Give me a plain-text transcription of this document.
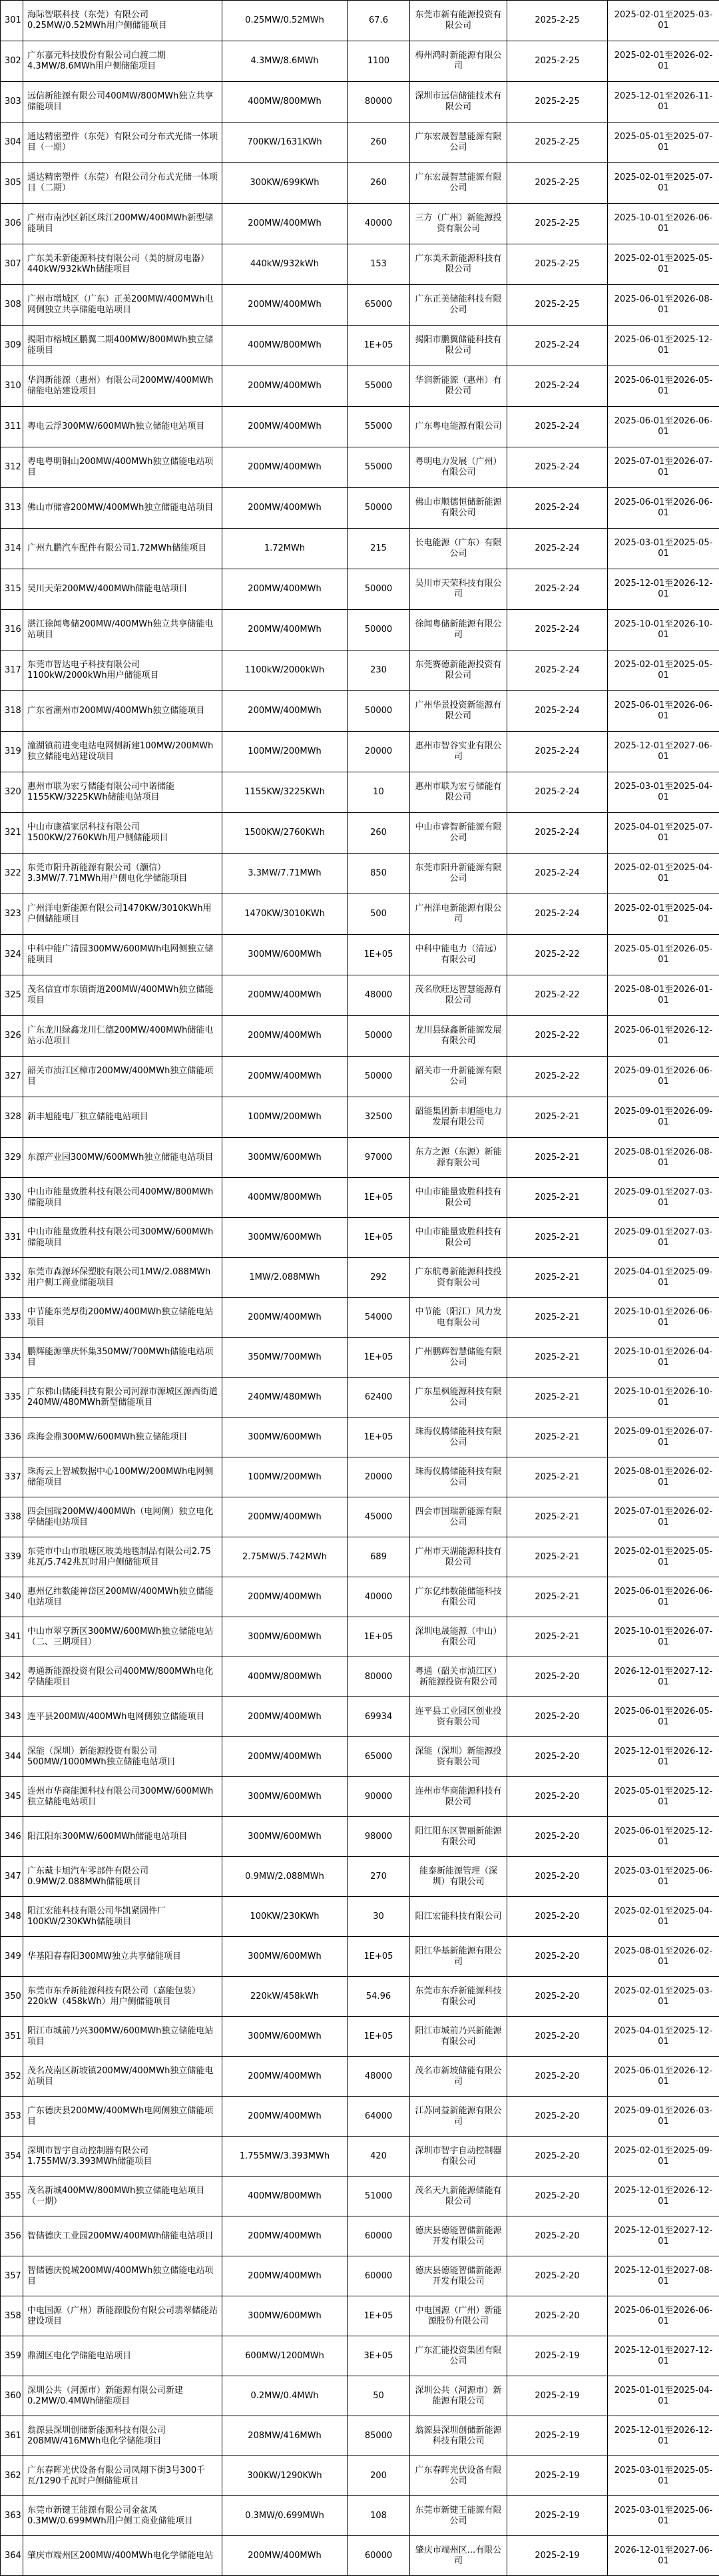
301	海际智联科技（东莞）有限公司0.25MW/0.52MWh用户侧储能项目	0.25MW/0.52MWh	67.6	东莞市新有能源投资有限公司	2025-2-25	2025-02-01至2025-03-01
302	广东嘉元科技股份有限公司白渡二期4.3MW/8.6MWh用户侧储能项目	4.3MW/8.6MWh	1100	梅州鸿时新能源有限公司	2025-2-25	2025-02-01至2026-02-01
303	远信新能源有限公司400MW/800MWh独立共享储能项目	400MW/800MWh	80000	深圳市远信储能技术有限公司	2025-2-25	2025-12-01至2026-11-01
304	通达精密塑件（东莞）有限公司分布式光储一体项目（一期）	700KW/1631KWh	260	广东宏晟智慧能源有限公司	2025-2-25	2025-05-01至2025-07-01
305	通达精密塑件（东莞）有限公司分布式光储一体项目（二期）	300KW/699KWh	260	广东宏晟智慧能源有限公司	2025-2-25	2025-02-01至2025-07-01
306	广州市南沙区新区珠江200MW/400MWh新型储能项目	200MW/400MWh	40000	三方（广州）新能源投资有限公司	2025-2-25	2025-10-01至2026-06-01
307	广东美禾新能源科技有限公司（美的厨房电器）440kW/932kWh储能项目	440kW/932kWh	153	广东美禾新能源科技有限公司	2025-2-25	2025-02-01至2025-05-01
308	广州市增城区（广东）正美200MW/400MWh电网侧独立共享储能电站项目	200MW/400MWh	65000	广东正美储能科技有限公司	2025-2-25	2025-06-01至2026-08-01
309	揭阳市榕城区鹏翼二期400MW/800MWh独立储能项目	400MW/800MWh	1E+05	揭阳市鹏翼储能科技有限公司	2025-2-24	2025-06-01至2025-12-01
310	华润新能源（惠州）有限公司200MW/400MWh储能电站建设项目	200MW/400MWh	55000	华润新能源（惠州）有限公司	2025-2-24	2025-06-01至2026-05-01
311	粤电云浮300MW/600MWh独立储能电站项目	200MW/400MWh	55000	广东粤电能源有限公司	2025-2-24	2025-06-01至2026-06-01
312	粤电粤明铜山200MW/400MWh独立储能电站项目	200MW/400MWh	55000	粤明电力发展（广州）有限公司	2025-2-24	2025-07-01至2026-07-01
313	佛山市储睿200MW/400MWh独立储能电站项目	200MW/400MWh	50000	佛山市顺德恒储新能源有限公司	2025-2-24	2025-06-01至2026-06-01
314	广州九鹏汽车配件有限公司1.72MWh储能项目	1.72MWh	215	长电能源（广东）有限公司	2025-2-24	2025-03-01至2025-05-01
315	吴川天荣200MW/400MWh储能电站项目	200MW/400MWh	50000	吴川市天荣科技有限公司	2025-2-24	2025-12-01至2026-12-01
316	湛江徐闻粤储200MW/400MWh独立共享储能电站项目	200MW/400MWh	50000	徐闻粤储新能源有限公司	2025-2-24	2025-10-01至2026-10-01
317	东莞市智达电子科技有限公司1100kW/2000kWh用户储能项目	1100kW/2000kWh	230	东莞赛德新能源投资有限公司	2025-2-24	2025-02-01至2025-05-01
318	广东省潮州市200MW/400MWh独立储能项目	200MW/400MWh	50000	广州华景投资新能源有限公司	2025-2-24	2025-06-01至2026-06-01
319	潼湖镇前进变电站电网侧新建100MW/200MWh独立储能电站建设项目	100MW/200MWh	20000	惠州市智谷实业有限公司	2025-2-24	2025-12-01至2027-06-01
320	惠州市联为宏亏储能有限公司中诺储能1155KW/3225KWh储能电站项目	1155KW/3225KWh	10	惠州市联为宏亏储能有限公司	2025-2-24	2025-03-01至2025-04-01
321	中山市康禧家居科技有限公司1500KW/2760KWh用户侧储能项目	1500KW/2760KWh	260	中山市睿智新能源有限公司	2025-2-24	2025-04-01至2025-07-01
322	东莞市阳升新能源有限公司（灏信）3.3MW/7.71MWh用户侧电化学储能项目	3.3MW/7.71MWh	850	东莞市阳升新能源有限公司	2025-2-24	2025-02-01至2025-04-01
323	广州洋电新能源有限公司1470KW/3010KWh用户侧储能项目	1470KW/3010KWh	500	广州洋电新能源有限公司	2025-2-24	2025-02-01至2025-04-01
324	中科中能广清园300MW/600MWh电网侧独立储能项目	300MW/600MWh	1E+05	中科中能电力（清远）有限公司	2025-2-22	2025-05-01至2026-05-01
325	茂名信宜市东镇街道200MW/400MWh独立储能项目	200MW/400MWh	48000	茂名欣旺达智慧能源有限公司	2025-2-22	2025-08-01至2026-01-01
326	广东龙川绿鑫龙川仁德200MW/400MWh储能电站示范项目	200MW/400MWh	50000	龙川县绿鑫新能源发展有限公司	2025-2-22	2025-06-01至2026-12-01
327	韶关市浈江区樟市200MW/400MWh独立储能项目	200MW/400MWh	50000	韶关市一升新能源有限公司	2025-2-22	2025-09-01至2026-06-01
328	新丰旭能电厂独立储能电站项目	100MW/200MWh	32500	韶能集团新丰旭能电力发展有限公司	2025-2-21	2025-09-01至2026-09-01
329	东源产业园300MW/600MWh独立储能电站项目	300MW/600MWh	97000	东方之源（东源）新能源有限公司	2025-2-21	2025-08-01至2026-08-01
330	中山市能量致胜科技有限公司400MW/800MWh储能项目	400MW/800MWh	1E+05	中山市能量致胜科技有限公司	2025-2-21	2025-09-01至2027-03-01
331	中山市能量致胜科技有限公司300MW/600MWh储能项目	300MW/600MWh	1E+05	中山市能量致胜科技有限公司	2025-2-21	2025-09-01至2027-03-01
332	东莞市森源环保塑胶有限公司1MW/2.088MWh用户侧工商业储能项目	1MW/2.088MWh	292	广东航粤新能源科技投资有限公司	2025-2-21	2025-04-01至2025-09-01
333	中节能东莞厚街200MW/400MWh独立储能电站项目	200MW/400MWh	54000	中节能（阳江）风力发电有限公司	2025-2-21	2025-10-01至2026-06-01
334	鹏辉能源肇庆怀集350MW/700MWh储能电站项目	350MW/700MWh	1E+05	广州鹏辉智慧储能有限公司	2025-2-21	2025-10-01至2026-04-01
335	广东佛山储能科技有限公司河源市源城区源西街道240MW/480MWh新型储能项目	240MW/480MWh	62400	广东星枫能源科技有限公司	2025-2-21	2025-10-01至2026-10-01
336	珠海金鼎300MW/600MWh独立储能项目	300MW/600MWh	1E+05	珠海仪腾储能科技有限公司	2025-2-21	2025-09-01至2026-07-01
337	珠海云上智城数据中心100MW/200MWh电网侧储能项目	100MW/200MWh	20000	珠海仪腾储能科技有限公司	2025-2-21	2025-08-01至2026-02-01
338	四会国瑞200MW/400MWh（电网侧）独立电化学储能电站项目	200MW/400MWh	45000	四会市国瑞新能源有限公司	2025-2-21	2025-07-01至2026-02-01
339	东莞市中山市琅塘区玻美地毯制品有限公司2.75兆瓦/5.742兆瓦时用户侧储能项目	2.75MW/5.742MWh	689	广州市天湖能源科技有限公司	2025-2-21	2025-02-01至2025-05-01
340	惠州亿纬数能神岱区200MW/400MWh独立储能电站项目	200MW/400MWh	40000	广东亿纬数能储能科技有限公司	2025-2-21	2025-06-01至2026-06-01
341	中山市翠亨新区300MW/600MWh独立储能电站（二、三期项目）	300MW/600MWh	1E+05	深圳电晟能源（中山）有限公司	2025-2-21	2025-10-01至2026-07-01
342	粤通新能源投资有限公司400MW/800MWh电化学储能项目	400MW/800MWh	80000	粤通（韶关市浈江区）新能源投资有限公司	2025-2-20	2026-12-01至2027-12-01
343	连平县200MW/400MWh电网侧独立储能项目	200MW/400MWh	69934	连平县工业园区创业投资有限公司	2025-2-20	2025-06-01至2026-05-01
344	深能（深圳）新能源投资有限公司500MW/1000MWh独立储能电站项目	200MW/400MWh	65000	深能（深圳）新能源投资有限公司	2025-2-20	2025-12-01至2026-12-01
345	连州市华商能源科技有限公司300MW/600MWh独立储能电站项目	300MW/600MWh	90000	连州市华商能源科技有限公司	2025-2-20	2025-05-01至2025-12-01
346	阳江阳东300MW/600MWh储能电站项目	300MW/600MWh	98000	阳江阳东区智丽新能源有限公司	2025-2-20	2025-06-01至2025-12-01
347	广东戴卡旭汽车零部件有限公司0.9MW/2.088MWh储能项目	0.9MW/2.088MWh	270	能泰新能源管理（深圳）有限公司	2025-2-20	2025-03-01至2025-06-01
348	阳江宏能科技有限公司华凯紧固件厂100KW/230KWh储能项目	100KW/230KWh	30	阳江宏能科技有限公司	2025-2-20	2025-02-01至2025-04-01
349	华基阳春春阳300MW独立共享储能项目	300MW/600MWh	1E+05	阳江华基新能源有限公司	2025-2-20	2025-08-01至2026-02-01
350	东莞市东乔新能源科技有限公司（嘉能包装）220kW（458kWh）用户侧储能项目	220kW/458kWh	54.96	东莞市东乔新能源科技有限公司	2025-2-20	2025-02-01至2025-03-01
351	阳江市城前乃兴300MW/600MWh独立储能电站项目	300MW/600MWh	1E+05	阳江市城前乃兴新能源有限公司	2025-2-20	2025-04-01至2025-12-01
352	茂名茂南区新坡镇200MW/400MWh独立储能电站项目	200MW/400MWh	48000	茂名市新坡储能有限公司	2025-2-20	2025-06-01至2026-12-01
353	广东德庆县200MW/400MWh电网侧独立储能项目	200MW/400MWh	64000	江苏同益新能源有限公司	2025-2-20	2025-09-01至2026-03-01
354	深圳市智宇自动控制器有限公司1.755MW/3.393MWh储能项目	1.755MW/3.393MWh	420	深圳市智宇自动控制器有限公司	2025-2-20	2025-02-01至2025-09-01
355	茂名新城400MW/800MWh独立储能电站项目（一期）	400MW/800MWh	51000	茂名天九新能源储能有限公司	2025-2-20	2025-12-01至2026-12-01
356	智储德庆工业园200MW/400MWh储能电站项目	200MW/400MWh	60000	德庆县德能智储新能源开发有限公司	2025-2-20	2025-12-01至2027-12-01
357	智储德庆悦城200MW/400MWh独立储能电站项目	200MW/400MWh	60000	德庆县德能智储新能源开发有限公司	2025-2-20	2025-12-01至2027-08-01
358	中电国源（广州）新能源股份有限公司翡翠储能站建设项目	300MW/600MWh	1E+05	中电国源（广州）新能源股份有限公司	2025-2-20	2025-06-01至2026-06-01
359	鼎湖区电化学储能电站项目	600MW/1200MWh	3E+05	广东汇能投资集团有限公司	2025-2-19	2025-12-01至2027-12-01
360	深圳公共（河源市）新能源有限公司新建0.2MW/0.4MWh储能项目	0.2MW/0.4MWh	50	深圳公共（河源市）新能源有限公司	2025-2-19	2025-01-01至2025-04-01
361	翁源县深圳创储新能源科技有限公司208MW/416MWh电化学储能项目	208MW/416MWh	85000	翁源县深圳创储新能源科技有限公司	2025-2-19	2025-12-01至2026-12-01
362	广东春晖光伏设备有限公司凤翔下街3号300千瓦/1290千瓦时户侧储能项目	300KW/1290KWh	200	广东春晖光伏设备有限公司	2025-2-19	2025-03-01至2025-05-01
363	东莞市新键王能源有限公司金盆凤0.3MW/0.699MWh用户侧工商业储能项目	0.3MW/0.699MWh	108	东莞市新键王能源有限公司	2025-2-19	2025-03-01至2025-06-01
364	肇庆市端州区200MW/400MWh电化学储能电站	200MW/400MWh	60000	肇庆市端州区...有限公司	2025-2-19	2026-12-01至2027-06-01
